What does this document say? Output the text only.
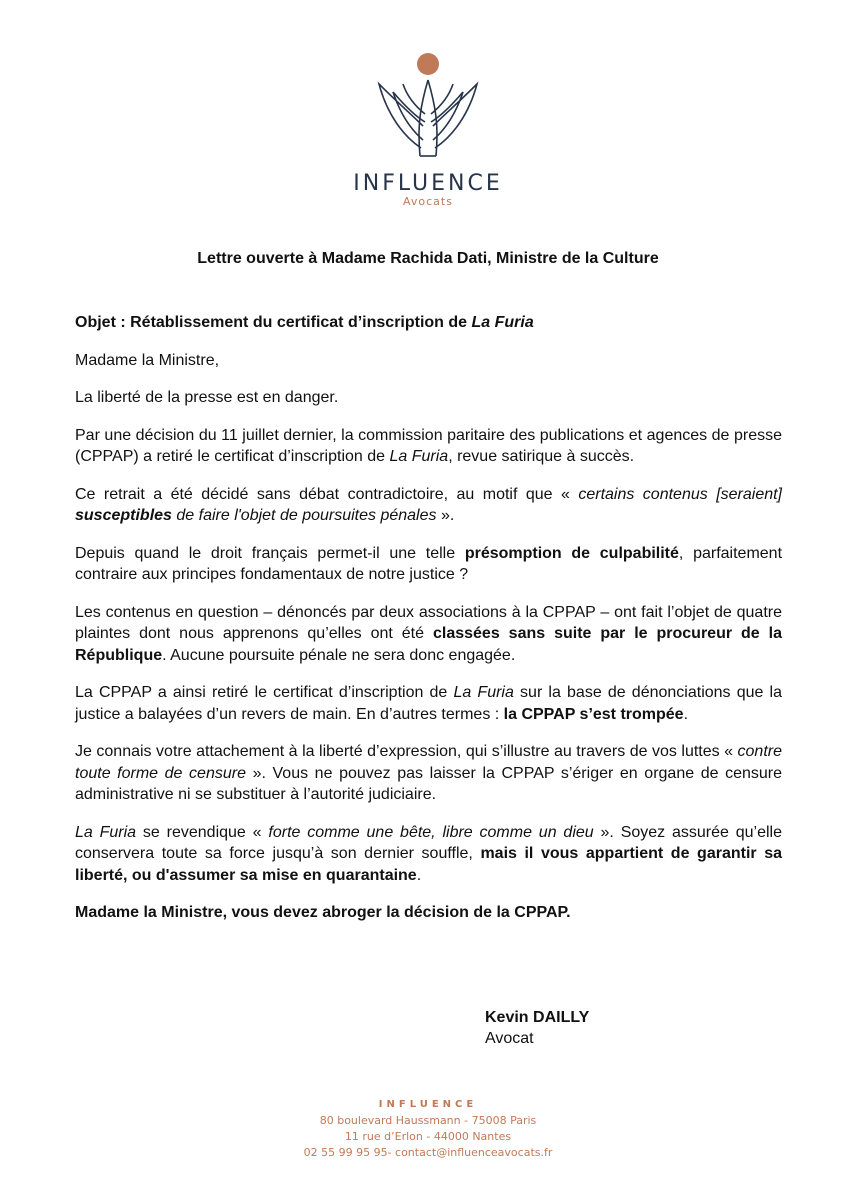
INFLUENCE
Avocats
Lettre ouverte à Madame Rachida Dati, Ministre de la Culture

Objet : Rétablissement du certificat d’inscription de La Furia

Madame la Ministre,

La liberté de la presse est en danger.

Par une décision du 11 juillet dernier, la commission paritaire des publications et agences de presse (CPPAP) a retiré le certificat d’inscription de La Furia, revue satirique à succès.

Ce retrait a été décidé sans débat contradictoire, au motif que « certains contenus [seraient] susceptibles de faire l'objet de poursuites pénales ».

Depuis quand le droit français permet-il une telle présomption de culpabilité, parfaitement contraire aux principes fondamentaux de notre justice ?

Les contenus en question – dénoncés par deux associations à la CPPAP – ont fait l’objet de quatre plaintes dont nous apprenons qu’elles ont été classées sans suite par le procureur de la République. Aucune poursuite pénale ne sera donc engagée.

La CPPAP a ainsi retiré le certificat d’inscription de La Furia sur la base de dénonciations que la justice a balayées d’un revers de main. En d’autres termes : la CPPAP s’est trompée.

Je connais votre attachement à la liberté d’expression, qui s’illustre au travers de vos luttes « contre toute forme de censure ». Vous ne pouvez pas laisser la CPPAP s’ériger en organe de censure administrative ni se substituer à l’autorité judiciaire.

La Furia se revendique « forte comme une bête, libre comme un dieu ». Soyez assurée qu’elle conservera toute sa force jusqu’à son dernier souffle, mais il vous appartient de garantir sa liberté, ou d'assumer sa mise en quarantaine.

Madame la Ministre, vous devez abroger la décision de la CPPAP.

Kevin DAILLY
Avocat
INFLUENCE
80 boulevard Haussmann - 75008 Paris
11 rue d’Erlon - 44000 Nantes
02 55 99 95 95- contact@influenceavocats.fr
